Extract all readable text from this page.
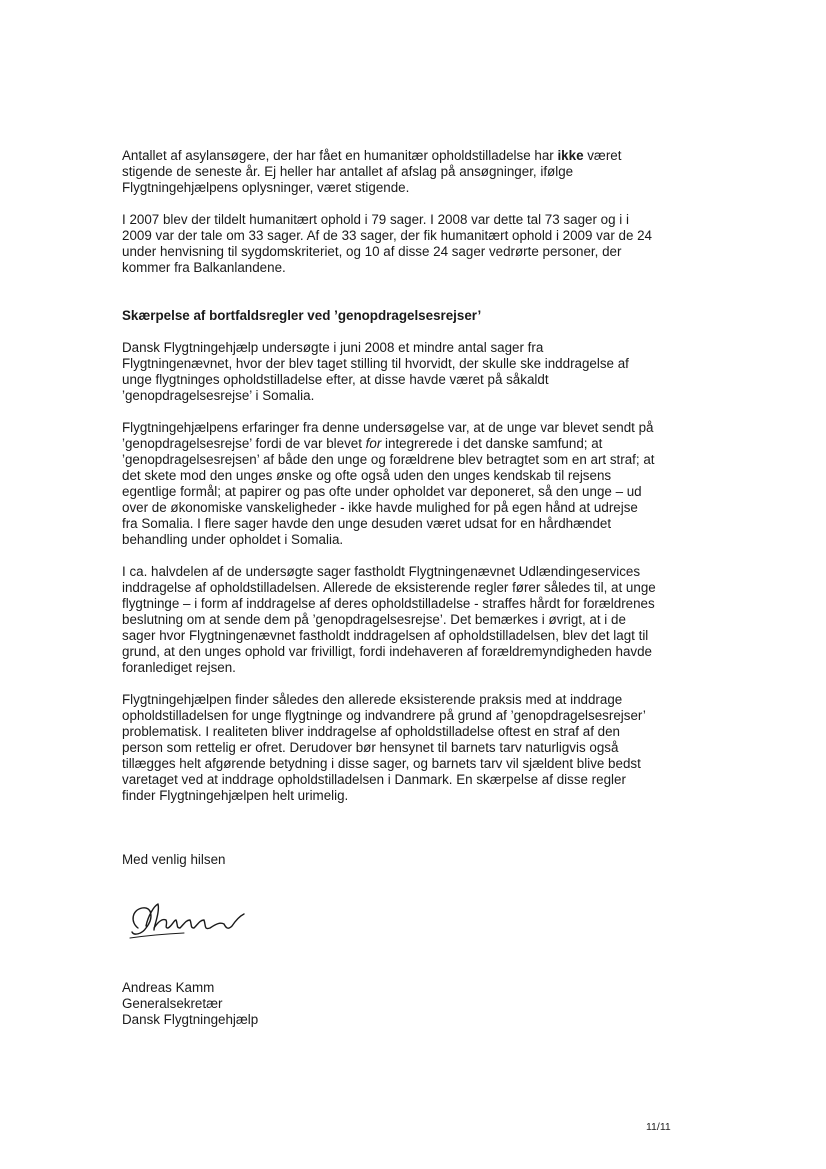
Antallet af asylansøgere, der har fået en humanitær opholdstilladelse har ikke været stigende de seneste år. Ej heller har antallet af afslag på ansøgninger, ifølge Flygtningehjælpens oplysninger, været stigende.

I 2007 blev der tildelt humanitært ophold i 79 sager. I 2008 var dette tal 73 sager og i i 2009 var der tale om 33 sager. Af de 33 sager, der fik humanitært ophold i 2009 var de 24 under henvisning til sygdomskriteriet, og 10 af disse 24 sager vedrørte personer, der kommer fra Balkanlandene.

Skærpelse af bortfaldsregler ved ’genopdragelsesrejser’

Dansk Flygtningehjælp undersøgte i juni 2008 et mindre antal sager fra Flygtningenævnet, hvor der blev taget stilling til hvorvidt, der skulle ske inddragelse af unge flygtninges opholdstilladelse efter, at disse havde været på såkaldt ’genopdragelsesrejse’ i Somalia.

Flygtningehjælpens erfaringer fra denne undersøgelse var, at de unge var blevet sendt på ’genopdragelsesrejse’ fordi de var blevet for integrerede i det danske samfund; at ’genopdragelsesrejsen’ af både den unge og forældrene blev betragtet som en art straf; at det skete mod den unges ønske og ofte også uden den unges kendskab til rejsens egentlige formål; at papirer og pas ofte under opholdet var deponeret, så den unge – ud over de økonomiske vanskeligheder - ikke havde mulighed for på egen hånd at udrejse fra Somalia. I flere sager havde den unge desuden været udsat for en hårdhændet behandling under opholdet i Somalia.

I ca. halvdelen af de undersøgte sager fastholdt Flygtningenævnet Udlændingeservices inddragelse af opholdstilladelsen. Allerede de eksisterende regler fører således til, at unge flygtninge – i form af inddragelse af deres opholdstilladelse - straffes hårdt for forældrenes beslutning om at sende dem på ’genopdragelsesrejse’. Det bemærkes i øvrigt, at i de sager hvor Flygtningenævnet fastholdt inddragelsen af opholdstilladelsen, blev det lagt til grund, at den unges ophold var frivilligt, fordi indehaveren af forældremyndigheden havde foranlediget rejsen.

Flygtningehjælpen finder således den allerede eksisterende praksis med at inddrage opholdstilladelsen for unge flygtninge og indvandrere på grund af ’genopdragelsesrejser’ problematisk. I realiteten bliver inddragelse af opholdstilladelse oftest en straf af den person som rettelig er ofret. Derudover bør hensynet til barnets tarv naturligvis også tillægges helt afgørende betydning i disse sager, og barnets tarv vil sjældent blive bedst varetaget ved at inddrage opholdstilladelsen i Danmark. En skærpelse af disse regler finder Flygtningehjælpen helt urimelig.

Med venlig hilsen

Andreas Kamm

Generalsekretær

Dansk Flygtningehjælp

11/11
